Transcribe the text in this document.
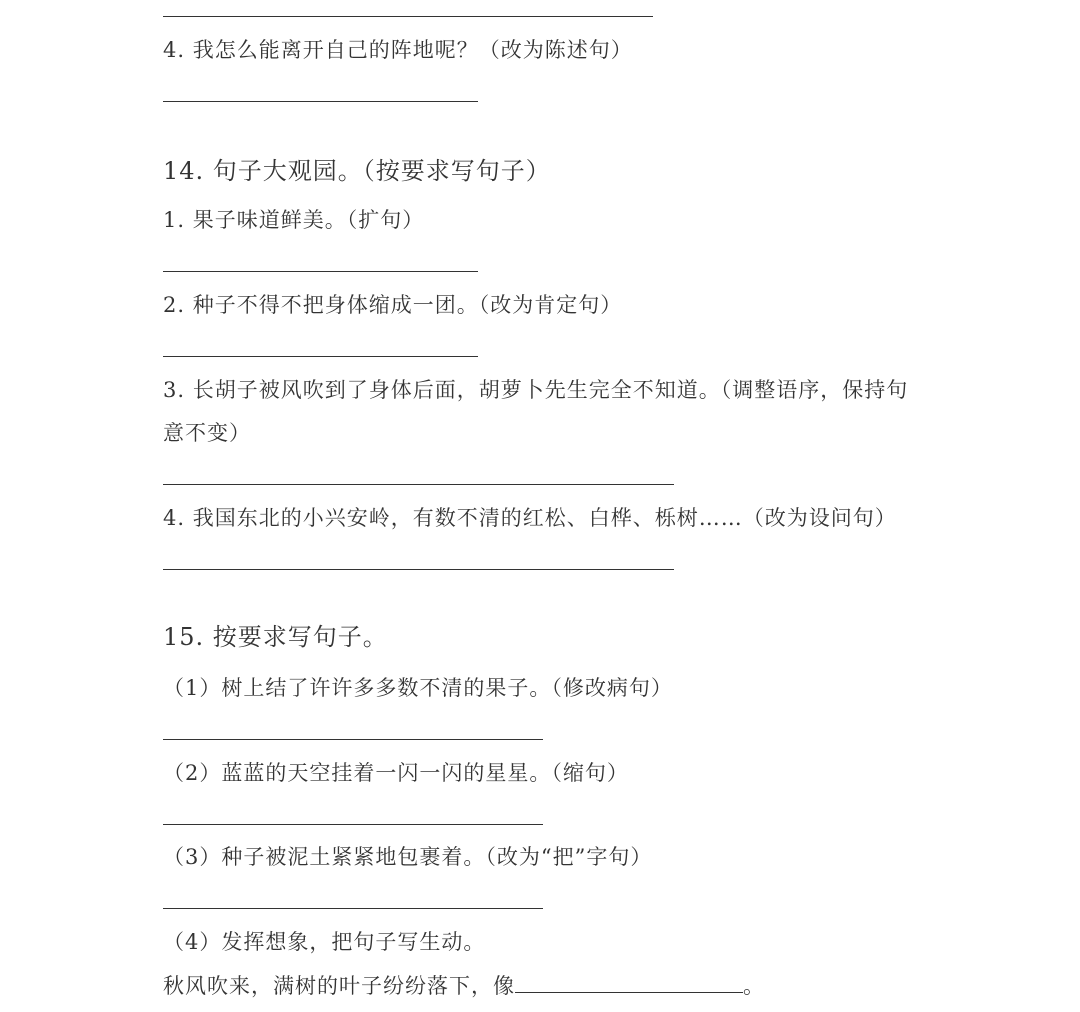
4. 我怎么能离开自己的阵地呢？（改为陈述句）
14. 句子大观园。（按要求写句子）
1. 果子味道鲜美。（扩句）
2. 种子不得不把身体缩成一团。（改为肯定句）
3. 长胡子被风吹到了身体后面，胡萝卜先生完全不知道。（调整语序，保持句
意不变）
4. 我国东北的小兴安岭，有数不清的红松、白桦、栎树……（改为设问句）
15. 按要求写句子。
（1）树上结了许许多多数不清的果子。（修改病句）
（2）蓝蓝的天空挂着一闪一闪的星星。（缩句）
（3）种子被泥土紧紧地包裹着。（改为“把”字句）
（4）发挥想象，把句子写生动。
秋风吹来，满树的叶子纷纷落下，像	。
